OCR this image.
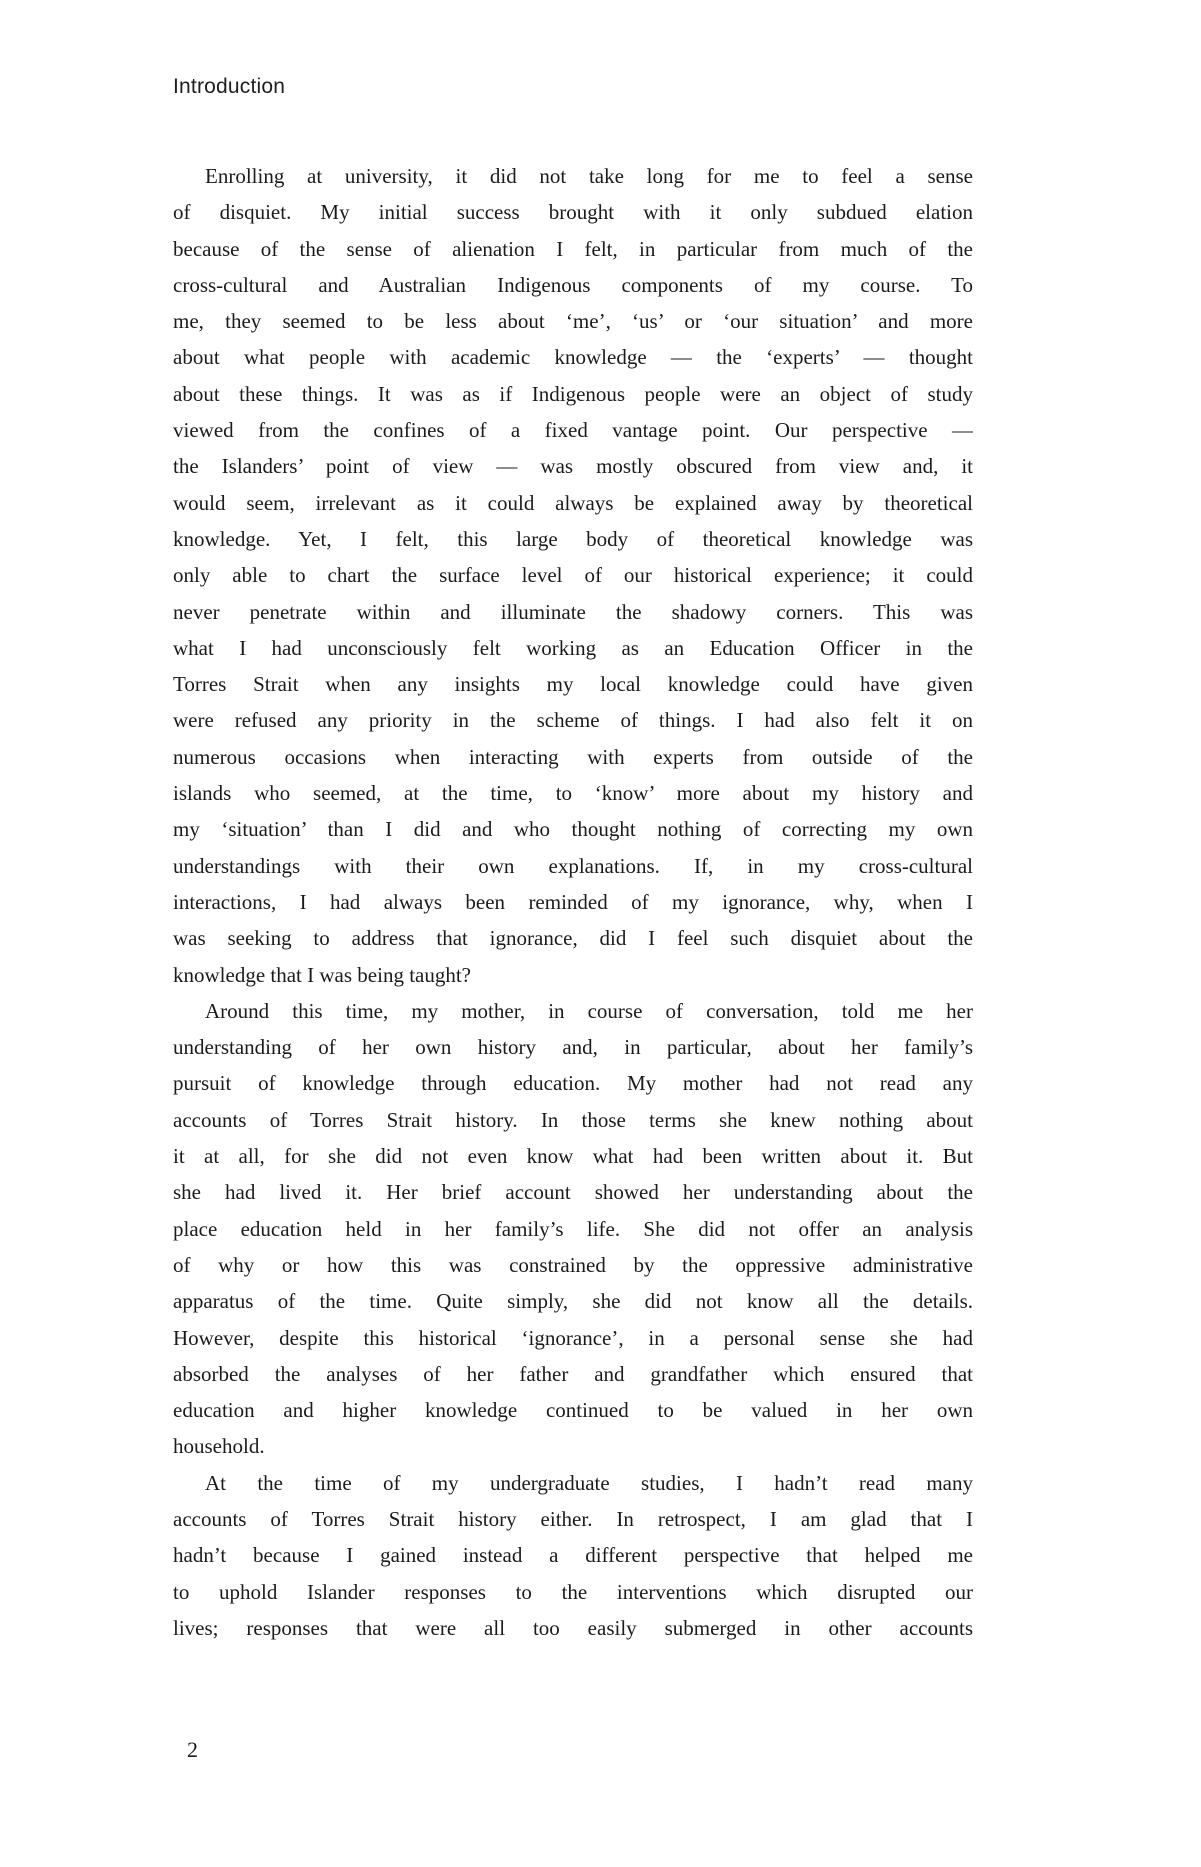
Introduction
Enrolling at university, it did not take long for me to feel a sense
of disquiet. My initial success brought with it only subdued elation
because of the sense of alienation I felt, in particular from much of the
cross-cultural and Australian Indigenous components of my course. To
me, they seemed to be less about ‘me’, ‘us’ or ‘our situation’ and more
about what people with academic knowledge — the ‘experts’ — thought
about these things. It was as if Indigenous people were an object of study
viewed from the confines of a fixed vantage point. Our perspective —
the Islanders’ point of view — was mostly obscured from view and, it
would seem, irrelevant as it could always be explained away by theoretical
knowledge. Yet, I felt, this large body of theoretical knowledge was
only able to chart the surface level of our historical experience; it could
never penetrate within and illuminate the shadowy corners. This was
what I had unconsciously felt working as an Education Officer in the
Torres Strait when any insights my local knowledge could have given
were refused any priority in the scheme of things. I had also felt it on
numerous occasions when interacting with experts from outside of the
islands who seemed, at the time, to ‘know’ more about my history and
my ‘situation’ than I did and who thought nothing of correcting my own
understandings with their own explanations. If, in my cross-cultural
interactions, I had always been reminded of my ignorance, why, when I
was seeking to address that ignorance, did I feel such disquiet about the
knowledge that I was being taught?
Around this time, my mother, in course of conversation, told me her
understanding of her own history and, in particular, about her family’s
pursuit of knowledge through education. My mother had not read any
accounts of Torres Strait history. In those terms she knew nothing about
it at all, for she did not even know what had been written about it. But
she had lived it. Her brief account showed her understanding about the
place education held in her family’s life. She did not offer an analysis
of why or how this was constrained by the oppressive administrative
apparatus of the time. Quite simply, she did not know all the details.
However, despite this historical ‘ignorance’, in a personal sense she had
absorbed the analyses of her father and grandfather which ensured that
education and higher knowledge continued to be valued in her own
household.
At the time of my undergraduate studies, I hadn’t read many
accounts of Torres Strait history either. In retrospect, I am glad that I
hadn’t because I gained instead a different perspective that helped me
to uphold Islander responses to the interventions which disrupted our
lives; responses that were all too easily submerged in other accounts
2
